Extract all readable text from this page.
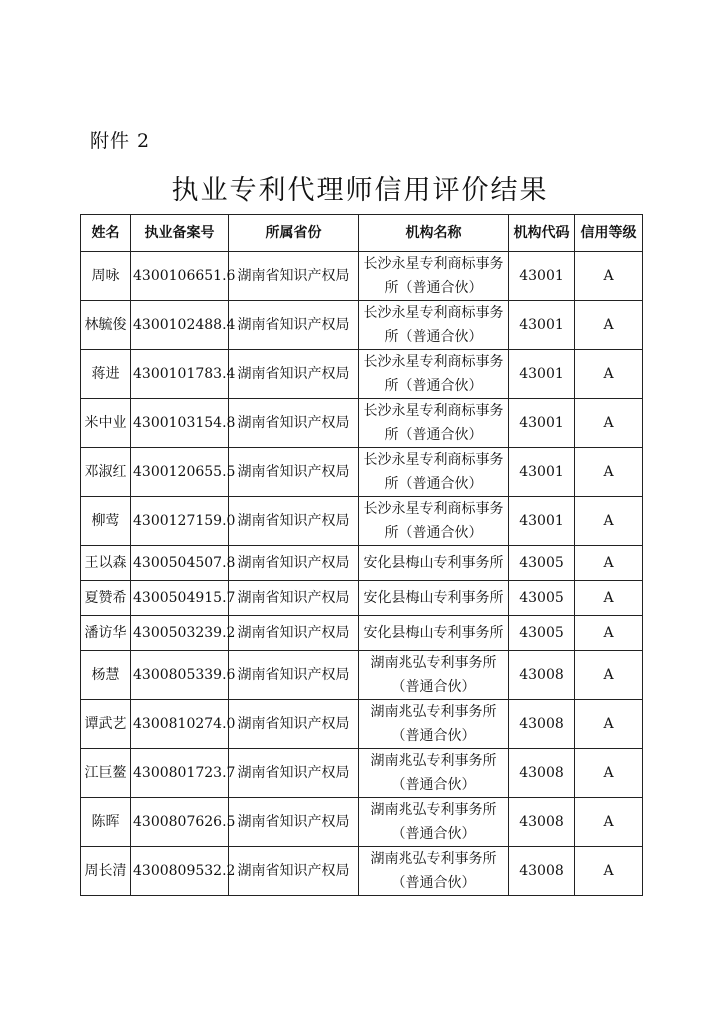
附件 2
执业专利代理师信用评价结果
姓名	执业备案号	所属省份	机构名称	机构代码	信用等级
周咏	4300106651.6	湖南省知识产权局	长沙永星专利商标事务所（普通合伙）	43001	A
林毓俊	4300102488.4	湖南省知识产权局	长沙永星专利商标事务所（普通合伙）	43001	A
蒋进	4300101783.4	湖南省知识产权局	长沙永星专利商标事务所（普通合伙）	43001	A
米中业	4300103154.8	湖南省知识产权局	长沙永星专利商标事务所（普通合伙）	43001	A
邓淑红	4300120655.5	湖南省知识产权局	长沙永星专利商标事务所（普通合伙）	43001	A
柳莺	4300127159.0	湖南省知识产权局	长沙永星专利商标事务所（普通合伙）	43001	A
王以森	4300504507.8	湖南省知识产权局	安化县梅山专利事务所	43005	A
夏赞希	4300504915.7	湖南省知识产权局	安化县梅山专利事务所	43005	A
潘访华	4300503239.2	湖南省知识产权局	安化县梅山专利事务所	43005	A
杨慧	4300805339.6	湖南省知识产权局	湖南兆弘专利事务所（普通合伙）	43008	A
谭武艺	4300810274.0	湖南省知识产权局	湖南兆弘专利事务所（普通合伙）	43008	A
江巨鳌	4300801723.7	湖南省知识产权局	湖南兆弘专利事务所（普通合伙）	43008	A
陈晖	4300807626.5	湖南省知识产权局	湖南兆弘专利事务所（普通合伙）	43008	A
周长清	4300809532.2	湖南省知识产权局	湖南兆弘专利事务所（普通合伙）	43008	A
